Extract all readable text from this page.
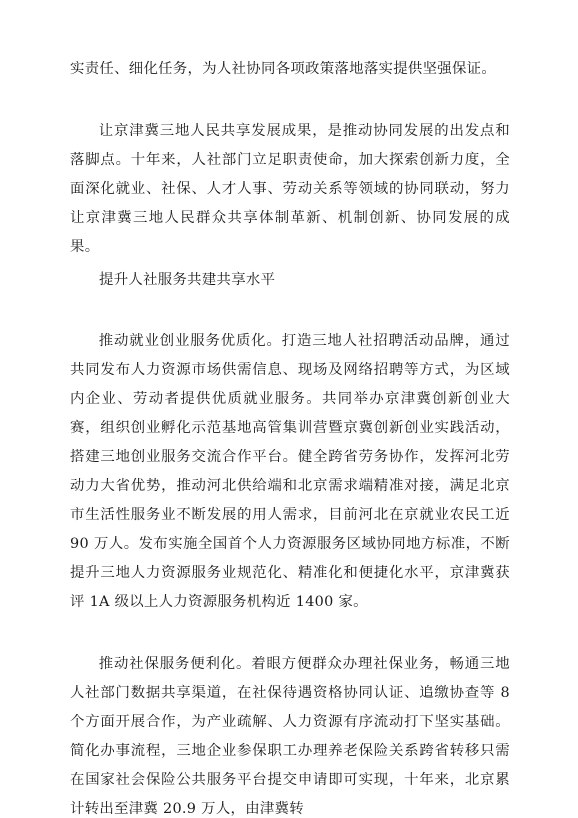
实责任、细化任务，为人社协同各项政策落地落实提供坚强保证。

让京津冀三地人民共享发展成果，是推动协同发展的出发点和落脚点。十年来，人社部门立足职责使命，加大探索创新力度，全面深化就业、社保、人才人事、劳动关系等领域的协同联动，努力让京津冀三地人民群众共享体制革新、机制创新、协同发展的成果。

提升人社服务共建共享水平

推动就业创业服务优质化。打造三地人社招聘活动品牌，通过共同发布人力资源市场供需信息、现场及网络招聘等方式，为区域内企业、劳动者提供优质就业服务。共同举办京津冀创新创业大赛，组织创业孵化示范基地高管集训营暨京冀创新创业实践活动，搭建三地创业服务交流合作平台。健全跨省劳务协作，发挥河北劳动力大省优势，推动河北供给端和北京需求端精准对接，满足北京市生活性服务业不断发展的用人需求，目前河北在京就业农民工近 90 万人。发布实施全国首个人力资源服务区域协同地方标准，不断提升三地人力资源服务业规范化、精准化和便捷化水平，京津冀获评 1A 级以上人力资源服务机构近 1400 家。

推动社保服务便利化。着眼方便群众办理社保业务，畅通三地人社部门数据共享渠道，在社保待遇资格协同认证、追缴协查等 8 个方面开展合作，为产业疏解、人力资源有序流动打下坚实基础。简化办事流程，三地企业参保职工办理养老保险关系跨省转移只需在国家社会保险公共服务平台提交申请即可实现，十年来，北京累计转出至津冀 20.9 万人，由津冀转
